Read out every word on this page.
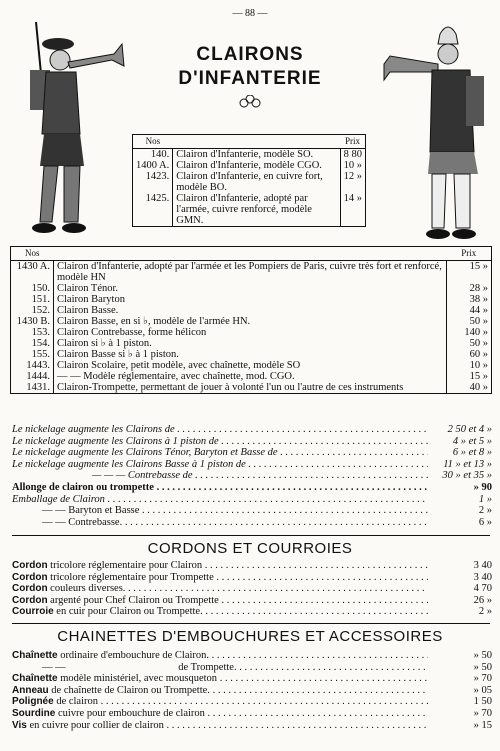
— 88 —
CLAIRONS
D'INFANTERIE
Nos		Prix
140.	Clairon d'Infanterie, modèle SO.	8 80
1400 A.	Clairon d'Infanterie, modèle CGO.	10 »
1423.	Clairon d'Infanterie, en cuivre fort, modèle BO.	12 »
1425.	Clairon d'Infanterie, adopté par l'armée, cuivre renforcé, modèle GMN.	14 »
Nos		Prix
1430 A.	Clairon d'Infanterie, adopté par l'armée et les Pompiers de Paris, cuivre très fort et renforcé, modèle HN	15 »
150.	Clairon Ténor.	28 »
151.	Clairon Baryton	38 »
152.	Clairon Basse.	44 »
1430 B.	Clairon Basse, en si ♭, modèle de l'armée HN.	50 »
153.	Clairon Contrebasse, forme hélicon	140 »
154.	Clairon si ♭ à 1 piston.	50 »
155.	Clairon Basse si ♭ à 1 piston.	60 »
1443.	Clairon Scolaire, petit modèle, avec chaînette, modèle SO	10 »
1444.	— — Modèle réglementaire, avec chaînette, mod. CGO.	15 »
1431.	Clairon-Trompette, permettant de jouer à volonté l'un ou l'autre de ces instruments	40 »
Le nickelage augmente les Clairons de . . .	2 50 et 4 »
Le nickelage augmente les Clairons à 1 piston de . . .	4 » et 5 »
Le nickelage augmente les Clairons Ténor, Baryton et Basse de . . .	6 » et 8 »
Le nickelage augmente les Clairons Basse à 1 piston de . . .	11 » et 13 »
— — — Contrebasse de . . .	30 » et 35 »
Allonge de clairon ou trompette . . .	» 90
Emballage de Clairon . . .	1 »
— — Baryton et Basse . . .	2 »
— — Contrebasse. . . .	6 »
CORDONS ET COURROIES
Cordon tricolore réglementaire pour Clairon . . .	3 40
Cordon tricolore réglementaire pour Trompette . . .	3 40
Cordon couleurs diverses. . . .	4 70
Cordon argenté pour Chef Clairon ou Trompette . . .	26 »
Courroie en cuir pour Clairon ou Trompette. . . .	2 »
CHAINETTES D'EMBOUCHURES ET ACCESSOIRES
Chaînette ordinaire d'embouchure de Clairon. . . .	» 50
— —	de Trompette. . . .	» 50
Chaînette modèle ministériel, avec mousqueton . . .	» 70
Anneau de chaînette de Clairon ou Trompette. . . .	» 05
Polignée de clairon . . .	1 50
Sourdine cuivre pour embouchure de clairon . . .	» 70
Vis en cuivre pour collier de clairon . . .	» 15
